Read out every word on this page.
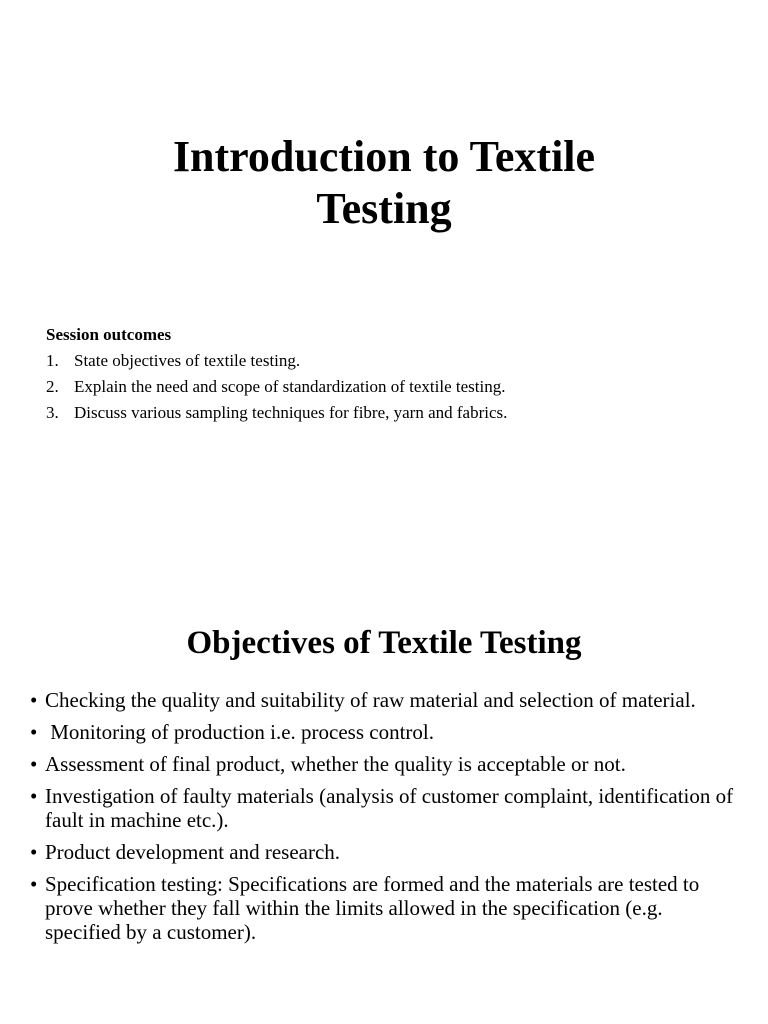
Introduction to Textile
Testing

Session outcomes

1. State objectives of textile testing.
2. Explain the need and scope of standardization of textile testing.
3. Discuss various sampling techniques for fibre, yarn and fabrics.
Objectives of Textile Testing
• Checking the quality and suitability of raw material and selection of material.
• Monitoring of production i.e. process control.
• Assessment of final product, whether the quality is acceptable or not.
• Investigation of faulty materials (analysis of customer complaint, identification of fault in machine etc.).
• Product development and research.
• Specification testing: Specifications are formed and the materials are tested to prove whether they fall within the limits allowed in the specification (e.g. specified by a customer).
